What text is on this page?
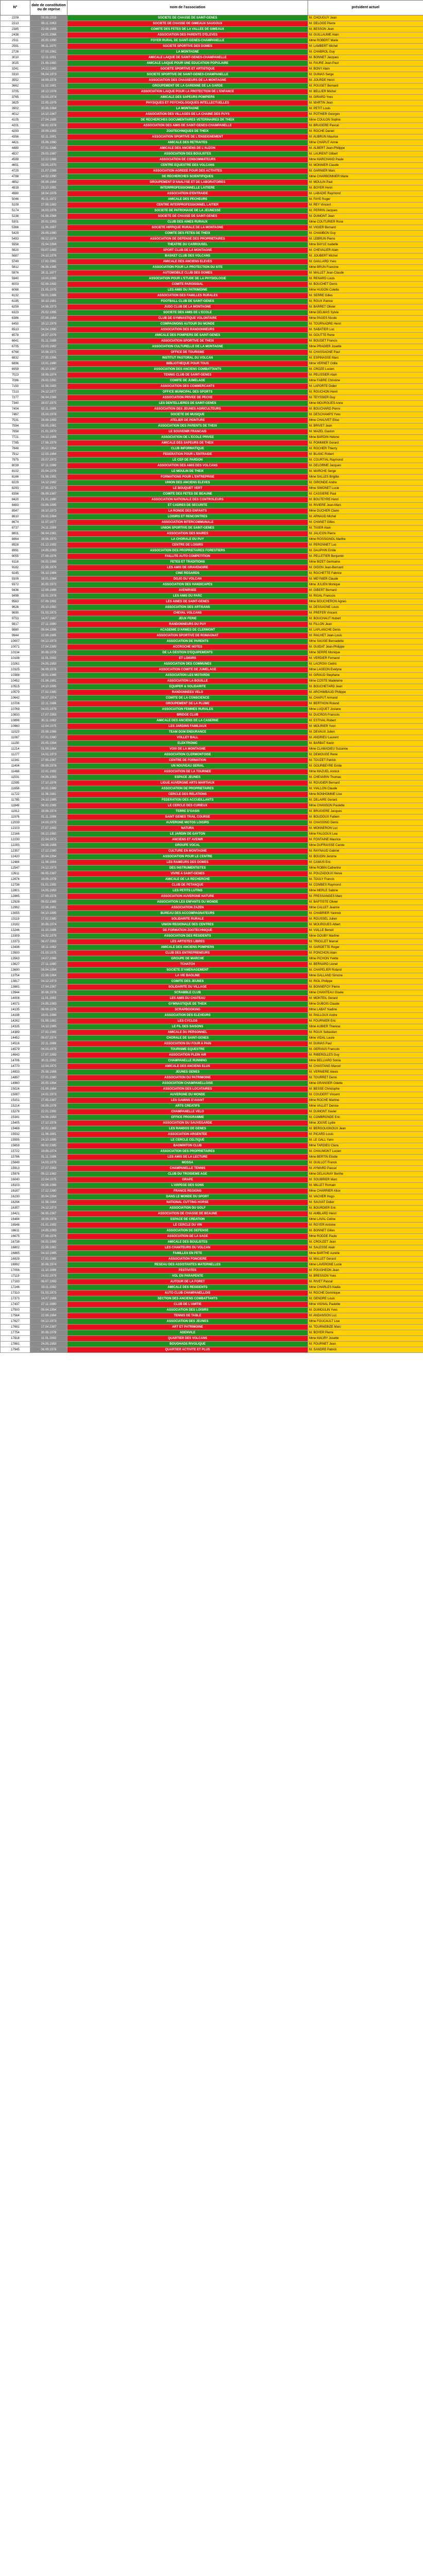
N°	date de constitution ou de reprise	nom de l'association	président actuel
2209	09.08.1918	SOCIETE DE CHASSE DE SAINT-GENES	M. CHOUGUY Jean
2213	09.11.1963	SOCIETE DE CHASSE DE GIMEAUX SAUGOUX	M. DELOGE Pierre
2385	22.08.1988	COMITE DES FETES DE LA VALLEE DE GIMEAUX	M. BESSON Jean
2438	14.01.1966	ASSOCIATION DES PARENTS D'ELEVES	M. GUILLAUME Alain
2511	20.05.1990	FOYER RURAL DE SAINT-GENES-CHAMPANELLE	Mme ROBERT Marie
2591	06.11.1970	SOCIETE SPORTIVE DES DOMES	M. LAMBERT Michel
2726	07.03.1961	LA MONTAGNE	M. CHABROL Guy
3010	12.11.1951	AMICALE LAIQUE DE SAINT-GENES-CHAMPANELLE	M. BONNET Jacques
3025	21.08.1982	AMICALE LAIQUE POUR UNE EDUCATION POPULAIRE	M. FAURE Jean-Paul
3241	14.12.1965	SOCIETE SPORTIVE ET ARTISTIQUE	M. BONY Alain
3310	06.04.1973	SOCIETE SPORTIVE DE SAINT-GENES-CHAMPANELLE	M. DUMAS Serge
3552	16.09.1976	ASSOCIATION DES CHASSEURS DE LA MONTAGNE	M. JOURDE Henri
3662	11.02.1981	GROUPEMENT DE LA GARENNE DE LA GARDE	M. POUGET Bernard
3705	18.12.1978	ASSOCIATION LAIQUE POUR LA PROTECTION DE L'ENFANCE	M. BELLIER Michel
3765	03.03.1974	AMICALE DES SAPEURS POMPIERS	M. GIRARD Yves
3825	22.05.1979	PHYSIQUES ET PSYCHOLOGIQUES INTELLECTUELLES	M. MARTIN Jean
3902	30.06.1964	LA MONTAGNE	M. PETIT Louis
4012	14.10.1967	ASSOCIATION DES VILLAGES DE LA CHAINE DES PUYS	M. POTHIER Georges
4105	27.04.1985	DE RECHERCHES DOCUMENTAIRES VETERINAIRES DE THEIX	Mme COULON Sophie
4201	08.02.1978	ASSOCIATION DES AMIS DE SAINT-GENES-CHAMPANELLE	M. BRUGERE Pascal
4293	19.09.1983	ZOOTECHNIQUES DE THEIX	M. ROCHE Daniel
4356	02.11.1981	ASSOCIATION SPORTIVE DE L'ENSEIGNEMENT	M. AUBRUN Maurice
4421	15.06.1960	AMICALE DES RETRAITES	Mme CHAPUT Annie
4480	07.01.1986	AMICALE DES ANCIENS DE L'AUZON	M. ALBERT Jean-Philippe
4537	29.03.1987	ASSOCIATION DES BOULISTES	M. LAURENT Gilbert
4599	12.12.1988	ASSOCIATION DE CONSOMMATEURS	Mme MARCHAND Paule
4651	03.05.1970	CENTRE EQUESTRE DES VOLCANS	M. MONNIER Claude
4720	21.07.1989	ASSOCIATION AGREEE POUR DES ACTIVITES	M. GARNIER Marc
4788	14.02.1990	DE RECHERCHES SCIENTIFIQUES	Mme CHARBONNIER Marie
4852	09.09.1984	GROUPEMENT D'ANALYSE ET DE LABORATOIRES	M. MOULIN Paul
4919	23.10.1991	INTERPROFESSIONNELLE LAITIERE	M. BOYER Henri
4980	18.04.1979	ASSOCIATION D'ENTRAIDE	M. LABADIE Raymond
5046	05.11.1972	AMICALE DES PECHEURS	M. FAYE Roger
5109	27.06.1982	CENTRE INTERPROFESSIONNEL LAITIER	M. REY Vincent
5174	16.03.1976	SOCIETE DE PATRONAGE DE LA JEUNESSE	M. PERRIN Jacques
5238	01.08.1968	SOCIETE DE CHASSE DE SAINT-GENES	M. DUMONT Jean
5301	20.01.1993	CLUB DES AINES RURAUX	Mme COUTURIER Rose
5366	11.05.1987	SOCIETE HIPPIQUE RURALE DE LA MONTAGNE	M. VIGIER Bernard
5429	29.09.1980	COMITE DES FETES DE THEIX	M. CHAMBON Guy
5493	08.12.1974	ASSOCIATION DE DEFENSE DES PROPRIETAIRES	M. LEBRUN Pierre
5558	15.04.1994	THEATRE DU CARROUSEL	Mme BAYLE Isabelle
5620	03.07.1983	SPORT CLUB DE LA MONTAGNE	M. CHEVALIER Alain
5687	24.10.1978	BASKET CLUB DES VOLCANS	M. JOUBERT Michel
5749	17.02.1991	AMICALE DES ANCIENS ELEVES	M. GAILLARD Yves
5812	06.06.1985	ASSOCIATION POUR LA PROTECTION DU SITE	Mme BRUN Francine
5876	28.11.1977	AUTOMOBILE CLUB DES DOMES	M. MALLET Jean-Claude
5940	13.03.1989	ASSOCIATION POUR L'ETUDE DE LA PHYSIOLOGIE	M. RENARD Louis
6003	02.08.1992	COMITE PAROISSIAL	M. BOUCHET Denis
6068	21.05.1975	LES AMIS DU PATRIMOINE	Mme HUGON Colette
6132	09.01.1986	ASSOCIATION DES FAMILLES RURALES	M. SERRE Gilles
6195	30.10.1981	FOOTBALL CLUB DE SAINT-GENES	M. ROUX Patrice
6259	14.06.1973	JUDO CLUB DE LA MONTAGNE	M. BARRET Olivier
6323	25.02.1995	SOCIETE DES AMIS DE L'ECOLE	Mme DELMAS Sylvie
6386	07.09.1984	CLUB DE GYMNASTIQUE VOLONTAIRE	Mme PAGES Nicole
6450	19.12.1979	COMPAGNONS AUTOUR DU MONDE	M. TOURNADRE Henri
6513	04.04.1990	ASSOCIATION DES RANDONNEURS	M. SABATIER Luc
6578	16.07.1976	AMICALE DES POMPIERS DE SAINT-GENES	M. GOUTTE Rene
6641	01.11.1988	ASSOCIATION SPORTIVE DE THEIX	M. BOUDET Francis
6705	22.03.1982	ASSOCIATION CULTURELLE DE LA MONTAGNE	Mme PRADIER Josette
6768	10.08.1971	OFFICE DE TOURISME	M. CHASSAGNE Paul
6832	27.05.1996	INSTITUT PASTORAL DU VOLCAN	M. ESPINASSE Marc
6896	13.01.1980	BIBLIOTHEQUE POUR TOUS	Mme VERNET Odile
6959	05.10.1987	ASSOCIATION DES ANCIENS COMBATTANTS	M. CROZE Lucien
7023	18.06.1974	TENNIS CLUB DE SAINT-GENES	M. PELISSIER Alain
7086	29.02.1992	COMITE DE JUMELAGE	Mme FABRE Christine
7150	11.09.1983	ASSOCIATION DES COMMERCANTS	M. LAPORTE Didier
7213	24.12.1977	OFFICE MUNICIPAL DES SPORTS	M. ROUCHON Henri
7277	06.04.1989	ASSOCIATION PRIVEE DE PECHE	M. TEYSSIER Guy
7340	19.07.1975	LES DENTELLIERES DE SAINT-GENES	Mme MOURGUES Anne
7404	02.11.1985	ASSOCIATION DES JEUNES AGRICULTEURS	M. BOUCHARD Pierre
7467	15.03.1978	SOCIETE DE MUSIQUE	M. DESCHAMPS Yves
7531	28.08.1993	ATELIER DE PEINTURE	Mme CHAUVET Elise
7594	09.05.1981	ASSOCIATION DES PARENTS DE THEIX	M. BRIVET Jean
7658	21.01.1970	LE SOUVENIR FRANCAIS	M. MAZEL Gaston
7721	04.10.1986	ASSOCIATION DE L'ECOLE PRIVEE	Mme BARDIN Helene
7785	17.06.1979	AMICALE DES SAPEURS DE THEIX	M. POMMIER Gerard
7848	30.12.1994	CLUB INFORMATIQUE	M. ROCHER Thierry
7912	12.03.1984	FEDERATION POUR L'ENTRAIDE	M. BLANC Robert
7975	25.07.1972	LE CEP DE PARDON	M. COURTIAL Raymond
8039	07.11.1988	ASSOCIATION DES AMIS DES VOLCANS	M. DELORME Jacques
8102	20.04.1976	LE MOULIN DE THEIX	M. MARCHE Serge
8166	01.08.1991	FORMATIONS POUR L'ENTREPRISE	Mme SALLES Brigitte
8229	14.12.1982	UNION DES ANCIENS ELEVES	M. GIRONDE Andre
8293	27.05.1975	LE BOUQUET VERT	Mme SIMONET Lucie
8356	08.09.1987	COMITE DES FETES DE BEAUNE	M. CASSIERE Paul
8420	21.01.1980	ASSOCIATION NATIONALE DES CONTROLEURS	M. BOUTEYRE Henri
8483	03.06.1995	ET CADRES DE SECURITE	M. RIVIERE Jean-Marc
8547	16.10.1973	LA RONDE DES ENFANTS	Mme DUCHER Claire
8610	29.02.1984	LOISIRS ET RENCONTRES	M. ARNAUD Michel
8674	11.07.1977	ASSOCIATION INTERCOMMUNALE	M. CHANET Gilles
8737	24.11.1989	UNION SPORTIVE DE SAINT-GENES	M. TIXIER Alain
8801	06.04.1981	ASSOCIATION DES MAIRES	M. JALICON Pierre
8864	19.08.1970	LA CHORALE DU PUY	Mme ROSSIGNOL Marthe
8928	01.12.1992	CENTRE DE LOISIRS	M. PERONNET Luc
8991	14.05.1983	ASSOCIATION DES PROPRIETAIRES FORESTIERS	M. DAUPHIN Emile
9055	27.09.1976	FAILLITE AUTO COMPETITION	M. PELLETIER Benjamin
9118	09.02.1988	FETES ET TRADITIONS	Mme BIZET Germaine
9182	22.06.1979	LES AMIS DE GRAVENOIRE	M. GIDON Jean-Bernard
9245	05.10.1994	CINE REGARDS	M. ROCHETTE Fabrice
9309	18.01.1984	DOJO DU VOLCAN	M. MEYNIER Claude
9372	30.05.1972	ASSOCIATION DES HANDICAPES	Mme JULIEN Monique
9436	12.09.1986	AVENIRSEE	M. GIBERT Bernard
9499	25.01.1978	LES AMIS DU PARC	M. RIGAL Francois
9563	07.06.1991	LES AINES DE SAINT-GENES	Mme BOUCHERON Agnes
9626	20.10.1982	ASSOCIATION DES ARTISANS	M. DESSAGNE Louis
9690	01.03.1975	CHEVAL VOLCANS	M. PREFER Vincent
9753	14.07.1987	JEUX FERIE	M. BOUCHAUT Hubert
9817	27.11.1980	RANDONNEURS DU PUY	M. FILLON Jean
9880	09.04.1996	ACADEMIE D'ARMES DE CLERMONT	M. LAPLANCHE Denis
9944	22.08.1985	ASSOCIATION SPORTIVE DE ROMAGNAT	M. PAILHET Jean-Louis
10007	04.12.1973	ASSOCIATION DE PARENTS	Mme SAUGE Bernadette
10071	17.04.1989	ACCROCHE NOTES	M. GUIDAT Jean-Philippe
10134	30.08.1978	DE LA GESTION D'EQUIPEMENTS	Mme SERPE Monique
10198	11.01.1992	ET LOISIRS	M. VERDIER Fernand
10261	24.05.1983	ASSOCIATION DES COMMUNES	M. LACROIX Cedric
10325	06.09.1976	ASSOCIATION COMITE DE JUMELAGE	Mme LAGEON Evelyne
10388	19.01.1988	ASSOCIATION LES MOTARDS	M. GIRAUD Stephane
10452	01.06.1981	ASSOCIATION LA BOUILLE	Mme COSTE Madeleine
10515	14.10.1995	EQUIPER & SOLIDARITE	M. BOUCHETARD Jean
10579	27.02.1985	RANDONNEES VELO	M. ARCHIMBAUD Philippe
10642	09.07.1974	COMITE DE LA CONSCIENCE	M. CHAPUT Armand
10706	22.11.1986	GROUPEMENT DE LA PLUME	M. BERTHON Roland
10769	04.03.1979	ASSOCIATION FEMMES RURALES	Mme LUQUET Josiane
10833	17.07.1993	BRIDGE CLUB	M. DUCROS Francois
10896	30.11.1982	AMICALE DES ANCIENS DE LA CASERNE	M. ESTIVAL Robert
10960	12.04.1975	LES JARDINS FAMILIAUX	M. MOURIER Yvon
11023	25.08.1988	TEAM DOM ENDURANCE	M. DEVAUX Julien
11087	07.01.1980	VOLLEY BALL	M. ANDRIEU Laurent
11150	20.05.1994	ELEKTRONIC	M. BARBAT Kevin
11214	01.09.1984	VOIX DE LA MONTAGNE	Mme CLAMADIEU Suzanne
11277	14.01.1973	ASSOCIATION CLERMONTOISE	M. DEMOUGE Rene
11341	27.05.1987	CENTRE DE FORMATION	M. TOUZET Patrick
11404	09.09.1978	UN NOUVEAU SERIAL	M. GOURBEYRE Emile
11468	22.01.1992	ASSOCIATION DE LA TOURNEE	Mme MAZUEL Annick
11531	04.06.1983	ESPACE JEUNES	M. CHEVARIN Thomas
11595	17.10.1976	LIGUE AUVERGNE ARTS MARTIAUX	M. ROUGIER Bernard
11658	30.02.1989	ASSOCIATION DE PROPRIETAIRES	M. VIALLON Claude
11722	11.06.1981	CERCLE DES RELATIONS	Mme BONHOMME Lise
11785	24.10.1995	FEDERATION DES ACCUEILLANTS	M. DELAIRE Gerard
11849	06.02.1985	LE CERCLE DES CURIEUX	Mme CHANSON Paulette
11912	19.06.1974	TERRE D'OASIS	M. BRUGIERE Jacques
11976	01.11.1986	SAINT GENES TRAIL COURSE	M. BOUDOUX Fabien
12039	14.03.1979	AUVERGNE MOTOS LOISIRS	M. CHASSING Denis
12103	27.07.1993	NATURA	M. MONNERON Luc
12166	09.12.1982	LE JARDIN DE GAYTON	Mme FALGOUX Lea
12230	22.04.1975	ANCIENS ET AVENIR	M. FONTAINE Maurice
12293	04.08.1988	GROUPE VOCAL	Mme DUFRAISSE Carole
12357	17.12.1980	CULTURE EN MONTAGNE	M. RAYNAUD Gabriel
12420	30.04.1994	ASSOCIATION POUR LE CENTRE	M. BOUDIN Jerome
12484	11.08.1984	LES RAMEURS DES DOMES	M. CAMUS Eric
12547	24.12.1973	DES INSTRUMENTISTES	Mme ROBIN Catherine
12611	06.05.1987	VIVRE A SAINT-GENES	M. POUZADOUX Herve
12674	19.09.1978	AMICALE DE LA RECHERCHE	M. TOULY Francis
12738	01.01.1992	CLUB DE PETANQUE	M. COMBES Raymond
12801	14.05.1983	LES PETITS LUTINS	Mme MERLE Sabine
12865	27.09.1976	ASSOCIATION AUVERGNE NATURE	M. FRESSANGES Marc
12928	09.02.1989	ASSOCIATION LES ENFANTS DU MONDE	M. BAPTISTE Olivier
12992	22.06.1981	ASSOCIATION ZAZEN	Mme CALLET Jeanne
13055	04.10.1995	BUREAU DES ACCOMPAGNATEURS	M. CHABRIER Yannick
13119	17.02.1985	SOLIDARITE RURALE	M. ROUSSEL Julien
13182	30.06.1974	UNION REGIONALE DES CENTRES	M. MOURGUES Albert
13246	11.10.1986	DE FORMATION ZOOTECHNIQUE	M. VIALLE Benoit
13309	24.02.1979	ASSOCIATION DES RESIDENTS	Mme GOUBY Martine
13373	06.07.1993	LES ARTISTES LIBRES	M. TRIOLLET Marcel
13436	19.11.1982	AMICALE DES ANCIENS POMPIERS	M. GARDETTE Roger
13500	01.03.1975	CLUB DES ENTREPRENEURS	M. PONCHON Alain
13563	14.07.1988	GROUPE DE MARCHE	Mme PICHON Yvette
13627	27.11.1980	TCHATCH	M. BERNARD Lionel
13690	09.04.1994	SOCIETE D'AMENAGEMENT	M. CHAPELIER Roland
13754	22.08.1984	LA VIE BAOLINE	Mme GALLAND Simone
13817	04.12.1973	COMITE DES JEUNES	M. RIOL Philippe
13881	17.04.1987	SOLIDARITE DU VILLAGE	M. BONNEFOY Pierre
13944	30.08.1978	SCRABBLE CLUB	Mme CHANTEAU Gisele
14008	11.01.1992	LES AMIS DU CHATEAU	M. MONTEIL Gerard
14071	24.05.1983	GYMNASTIQUE DE THEIX	Mme DUBOIS Claude
14135	06.09.1976	SCRAPBOOKING	Mme LABAT Nadine
14198	19.01.1988	ASSOCIATION DES ELEVEURS	M. PAILLOUX Andre
14262	01.06.1981	LES CYCLOS	M. FOURNIER Eric
14325	14.10.1995	LE FIL DES SAISONS	Mme AUBIER Therese
14389	27.02.1985	AMICALE DU PERSONNEL	M. ROUX Sebastien
14452	09.07.1974	CHORALE DE SAINT-GENES	Mme VIDAL Laure
14516	22.11.1986	ASSOCIATION DU FOUR A PAIN	M. DUMAS Paul
14579	04.03.1979	TOURISME EQUESTRE	M. GERVAIS Francois
14643	17.07.1993	ASSOCIATION PLEIN AIR	M. RIBEROLLES Guy
14706	30.11.1982	CHAMPANELLE RUNNING	Mme BELLIARD Sonia
14770	12.04.1975	AMICALE DES ANCIENS ELUS	M. CHASTANG Marcel
14833	25.08.1988	JEUNES GENES	M. VERNIERE Alexis
14897	07.01.1980	ASSOCIATION DU PATRIMOINE	M. TOURRET Denis
14960	20.05.1994	ASSOCIATION CHAMPANELLOISE	Mme GRANGER Odette
15024	01.09.1984	ASSOCIATION DES LOCATAIRES	M. BESSE Christophe
15087	14.01.1973	AUVERGNE DU MONDE	M. COUDERT Vincent
15151	27.05.1987	LES GAMINS D'AVANT	Mme ROCHE Martine
15214	09.09.1978	ARTS CREATIFS	Mme VALLET Denise
15278	22.01.1992	CHAMPANELLE VELO	M. DUMONT Xavier
15341	04.06.1983	OFFICE PROGRAMME	M. COMBRONDE Eric
15405	17.10.1976	ASSOCIATION DU SAUVEGARDE	Mme JOUVE Lydie
15468	30.02.1989	LES RANDOS DE GENES	M. BERGOUGNOUX Jean
15532	11.06.1981	ASSOCIATION ARGENTEE	M. PICARD Louis
15595	24.10.1995	LE CERCLE CELTIQUE	M. LE GALL Yann
15659	06.02.1985	BADMINTON CLUB	Mme TARDIEU Clara
15722	19.06.1974	ASSOCIATION DES PROPRIETAIRES	M. CHAUMONT Lucien
15786	01.11.1986	LES AMIS DE LA LECTURE	Mme BERTIN Elodie
15849	14.03.1979	MOSSA	M. GUILLOT Franck
15913	27.07.1993	CHAMPANELLE TENNIS	M. AYMARD Pascal
15976	09.12.1982	CLUB DU TROISIEME AGE	Mme DELAUNAY Berthe
16040	22.04.1975	GRAPE	M. SOUBRIER Marc
16103	04.08.1988	L'ARPEGE DES SONS	M. MILLET Romain
16167	17.12.1980	FRANCE REGIONS	Mme CHARRIER Alice
16230	30.04.1994	DANS LE MONDE DU SPORT	M. VACHER Hugo
16294	11.08.1984	NATIONAL CUTTING HORSE	M. SAUVAT Didier
16357	24.12.1973	ASSOCIATION DU GOLF	M. BOURDIER Eric
16421	06.05.1987	ASSOCIATION DE CHASSE DE BEAUNE	M. AMBLARD Henri
16484	19.09.1978	ESPACE DE CREATION	Mme LAVAL Celine
16548	01.01.1992	LE CERCLE DU VIN	M. ROYER Antoine
16611	14.05.1983	ASSOCIATION DE DEFENSE	M. BONNET Gilles
16675	27.09.1976	ASSOCIATION DE LA SAGE	Mme RODDE Paule
16738	09.02.1989	AMICALE DES BOULISTES	M. CROUZET Jean
16802	22.06.1981	LES CHANTEURS DU VOLCAN	M. SALESSE Alain
16865	04.10.1995	FAMILLES EN FETE	Mme BARTHE Aurelie
16929	17.02.1985	ASSOCIATION FONCIERE	M. MALLET Gerard
16992	30.06.1974	RESEAU DES ASSISTANTES MATERNELLES	Mme LAVERGNE Lucie
17056	11.10.1986	FESTIVITES	M. POUGHEON Jean
17119	24.02.1979	VOL EN PARAPENTE	M. BRESSON Yves
17183	06.07.1993	AUTOUR DE LA FORET	M. RIVET Pascal
17246	19.11.1982	AMICALE DES RESIDENTS	Mme CHARLES Nadia
17310	01.03.1975	AUTO CLUB CHAMPANELLOIS	M. ROCHE Dominique
17373	14.07.1988	SECTION DES ANCIENS COMBATTANTS	M. GENDRE Louis
17437	27.11.1980	CLUB DE L'AMITIE	Mme VIGNAL Paulette
17500	09.04.1994	ASSOCIATION DES LOISIRS	M. DUMOULIN Yves
17564	22.08.1984	TENNIS DE TABLE	M. ANDANSON Luc
17627	04.12.1973	ASSOCIATION DES JEUNES	Mme FOUCAULT Lise
17691	17.04.1987	ART ET PATRIMOINE	M. TOURNEBIZE Marc
17754	30.08.1978	ADENVILE	M. BOYER Pierre
17818	11.01.1992	QUARTIER DES VOLCANS	Mme MAURY Josette
17881	24.05.1983	BOUGHADS RIVOLIQUE	M. FOURNET Jean
17945	06.09.1976	QUARTIER ACTIVITE ET PLUS	M. SANDRE Patrick
